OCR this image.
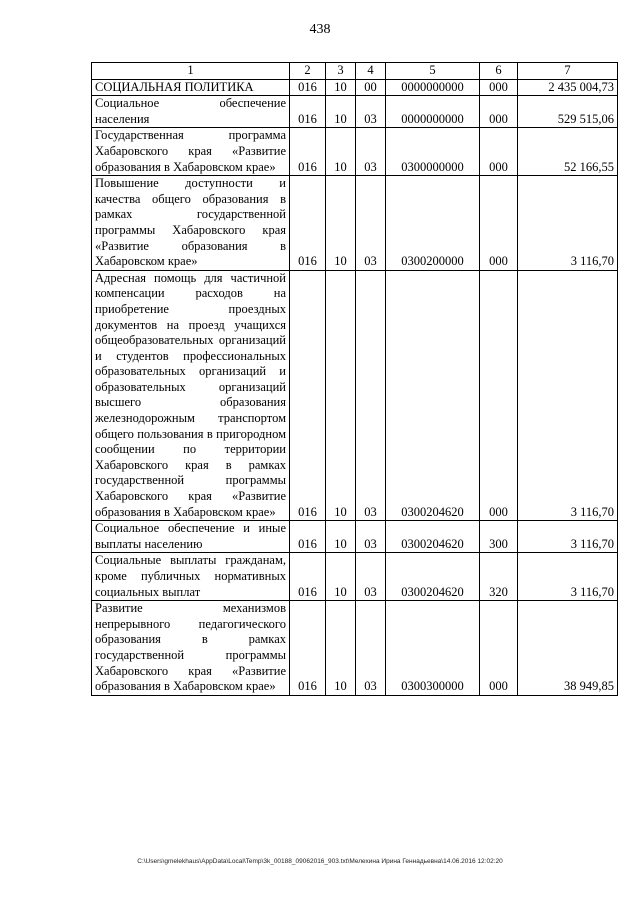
438
1	2	3	4	5	6	7
СОЦИАЛЬНАЯ ПОЛИТИКА	016	10	00	0000000000	000	2 435 004,73
Социальное обеспечение населения	016	10	03	0000000000	000	529 515,06
Государственная программа Хабаровского края «Развитие образования в Хабаровском крае»	016	10	03	0300000000	000	52 166,55
Повышение доступности и качества общего образования в рамках государственной программы Хабаровского края «Развитие образования в Хабаровском крае»	016	10	03	0300200000	000	3 116,70
Адресная помощь для частичной компенсации расходов на приобретение проездных документов на проезд учащихся общеобразовательных организаций и студентов профессиональных образовательных организаций и образовательных организаций высшего образования железнодорожным транспортом общего пользования в пригородном сообщении по территории Хабаровского края в рамках государственной программы Хабаровского края «Развитие образования в Хабаровском крае»	016	10	03	0300204620	000	3 116,70
Социальное обеспечение и иные выплаты населению	016	10	03	0300204620	300	3 116,70
Социальные выплаты гражданам, кроме публичных нормативных социальных выплат	016	10	03	0300204620	320	3 116,70
Развитие механизмов непрерывного педагогического образования в рамках государственной программы Хабаровского края «Развитие образования в Хабаровском крае»	016	10	03	0300300000	000	38 949,85
C:\Users\gmelekhaus\AppData\Local\Temp\3k_00188_09062016_903.txt\Мелехина Ирина Геннадьевна\14.06.2016 12:02:20
